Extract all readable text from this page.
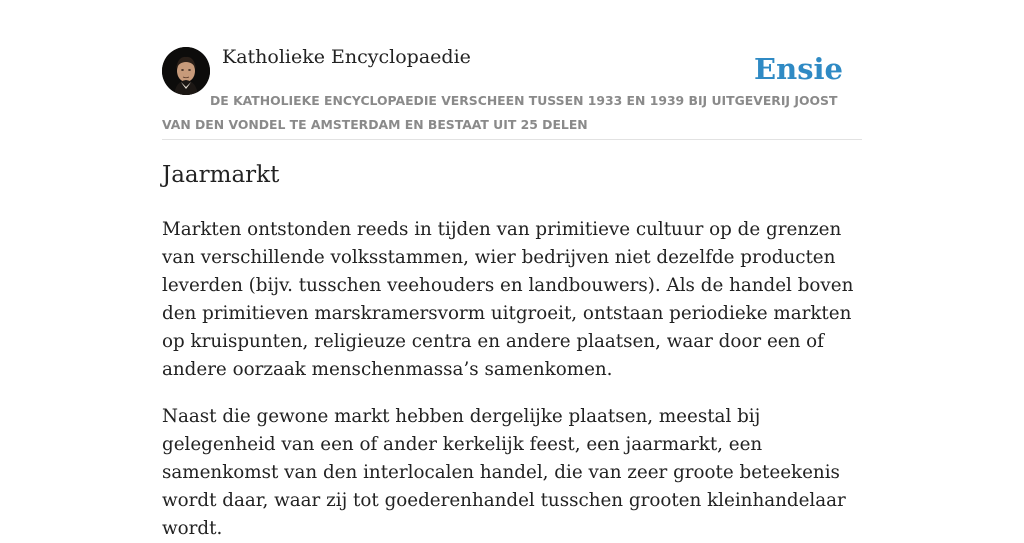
Katholieke Encyclopaedie	Ensie
DE KATHOLIEKE ENCYCLOPAEDIE VERSCHEEN TUSSEN 1933 EN 1939 BIJ UITGEVERIJ JOOST VAN DEN VONDEL TE AMSTERDAM EN BESTAAT UIT 25 DELEN
Jaarmarkt

Markten ontstonden reeds in tijden van primitieve cultuur op de grenzen van verschillende volksstammen, wier bedrijven niet dezelfde producten leverden (bijv. tusschen veehouders en landbouwers). Als de handel boven den primitieven marskramersvorm uitgroeit, ontstaan periodieke markten op kruispunten, religieuze centra en andere plaatsen, waar door een of andere oorzaak menschenmassa’s samenkomen.

Naast die gewone markt hebben dergelijke plaatsen, meestal bij gelegenheid van een of ander kerkelijk feest, een jaarmarkt, een samenkomst van den interlocalen handel, die van zeer groote beteekenis wordt daar, waar zij tot goederenhandel tusschen grooten kleinhandelaar wordt.
